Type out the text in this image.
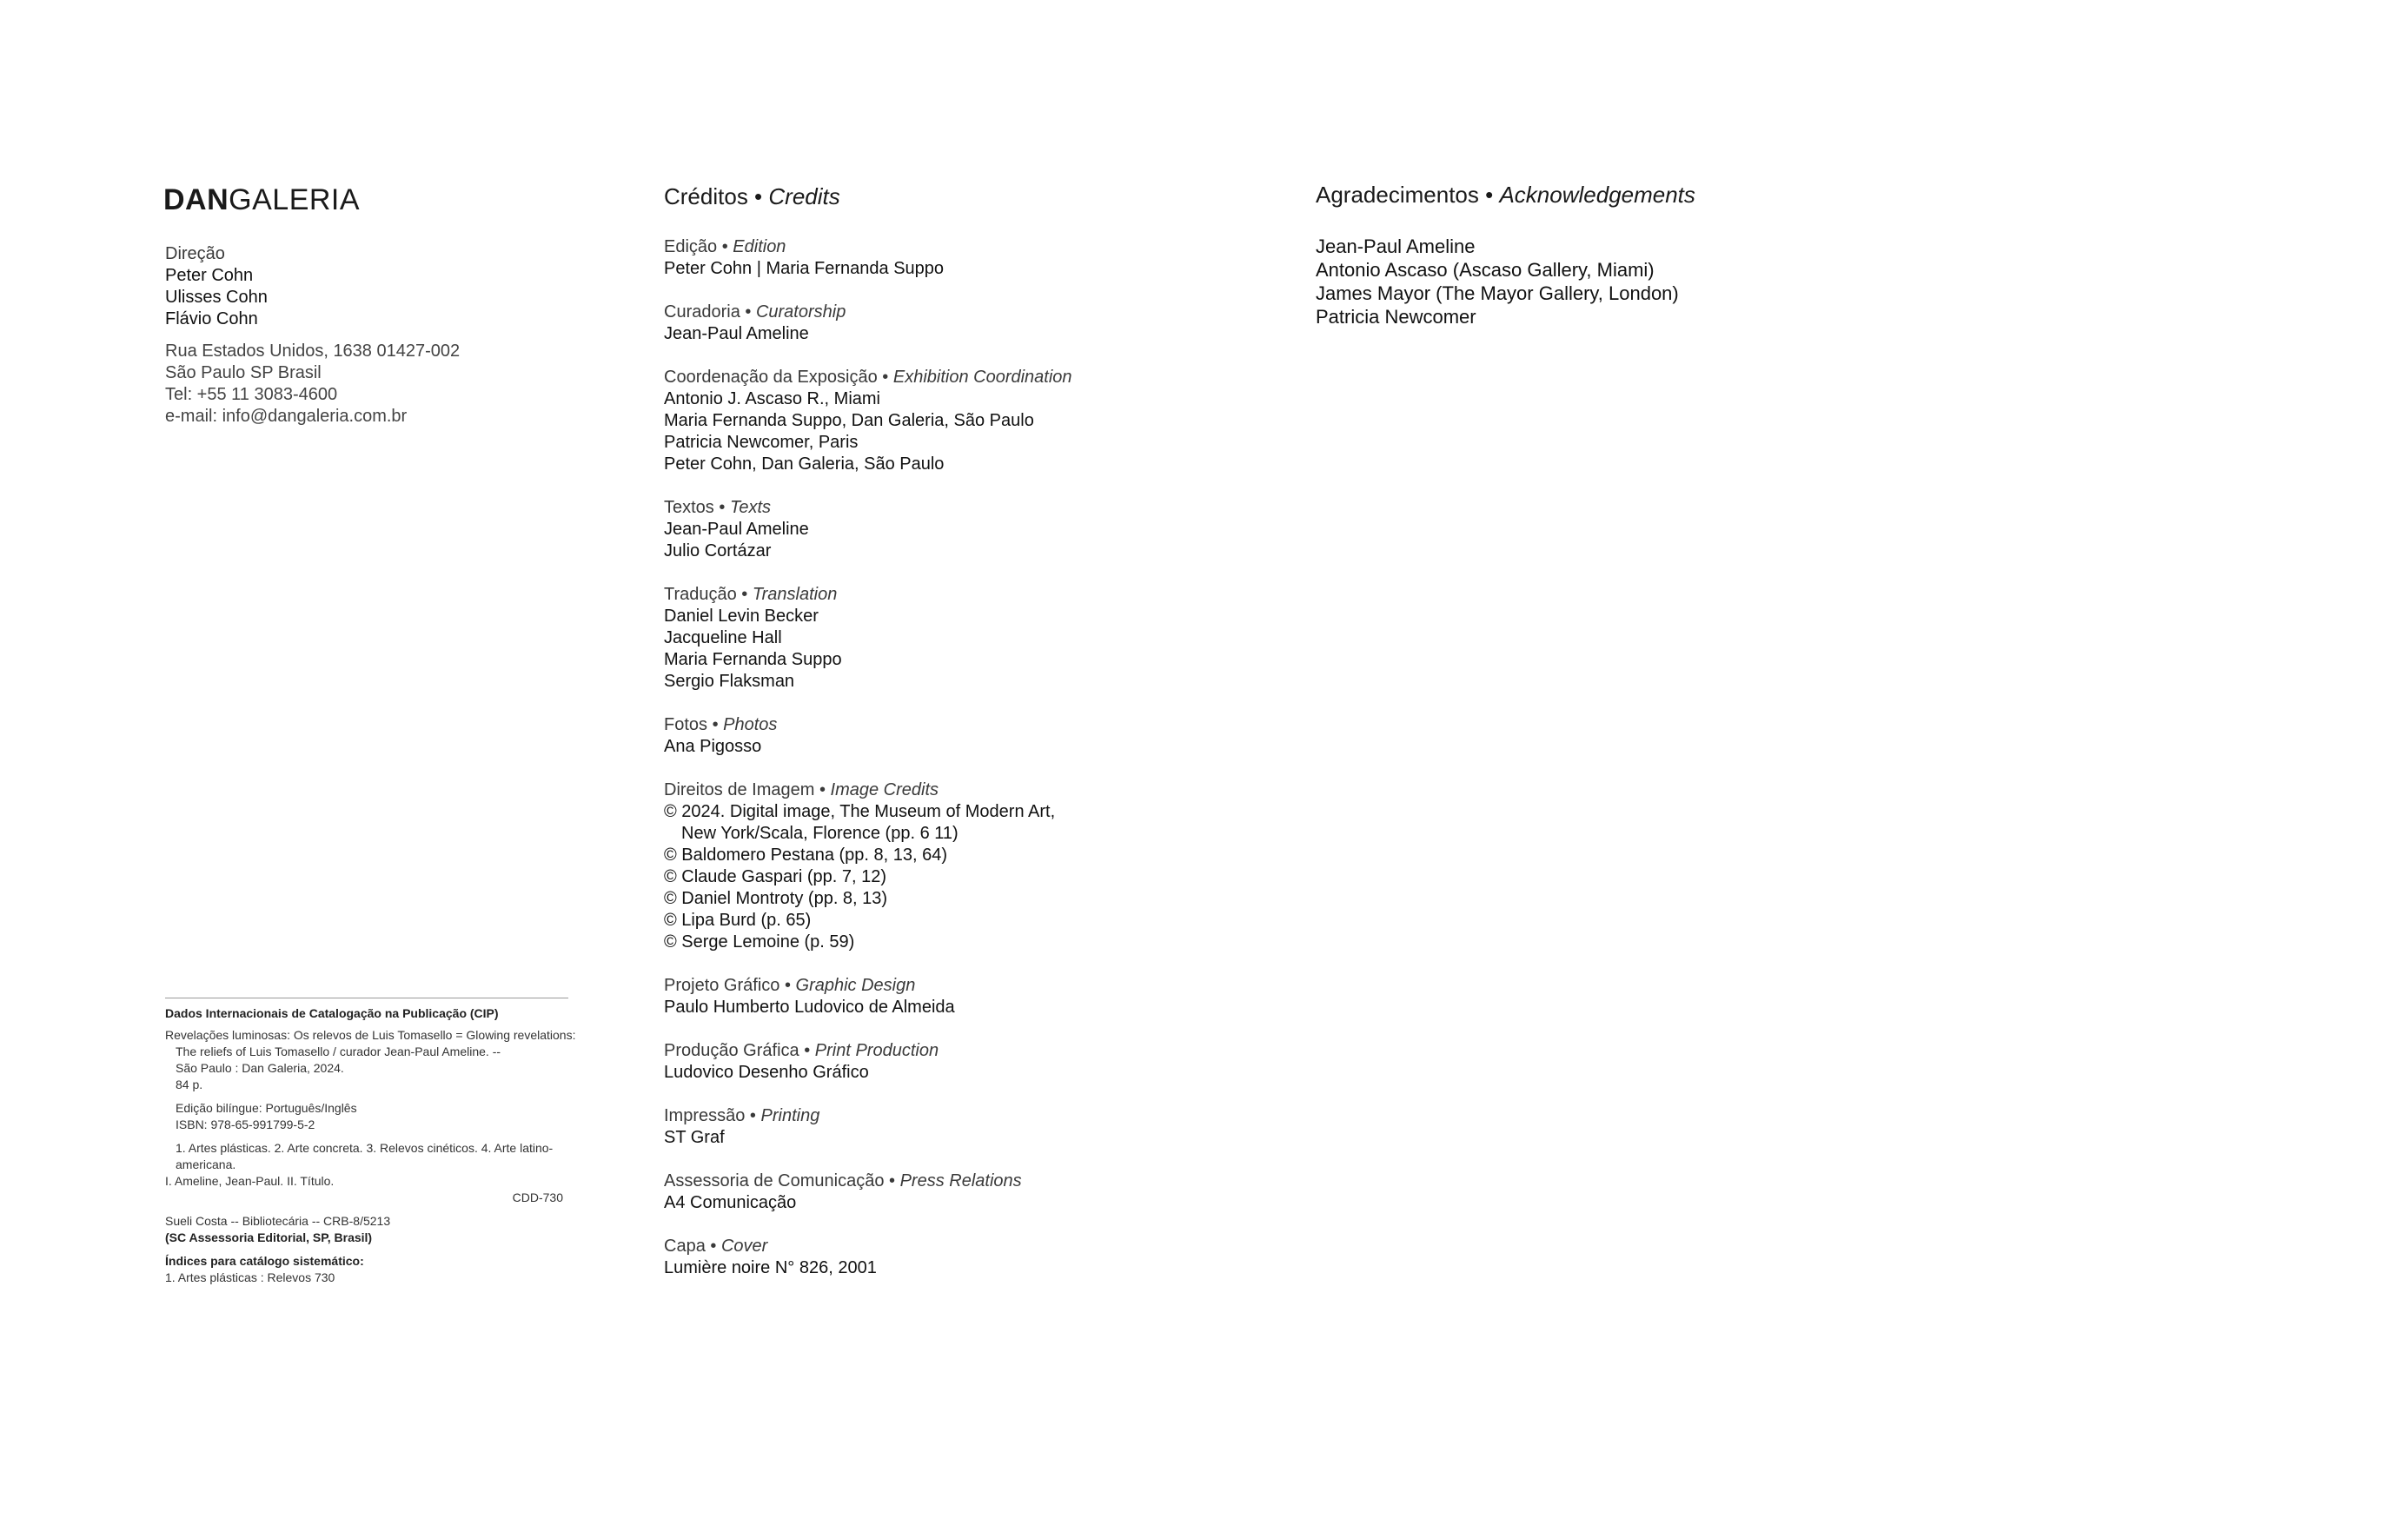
DANGALERIA
Direção
Peter Cohn
Ulisses Cohn
Flávio Cohn
Rua Estados Unidos, 1638 01427-002
São Paulo SP Brasil
Tel: +55 11 3083-4600
e-mail: info@dangaleria.com.br
Dados Internacionais de Catalogação na Publicação (CIP)
Revelações luminosas: Os relevos de Luis Tomasello = Glowing revelations:
The reliefs of Luis Tomasello / curador Jean-Paul Ameline. --
São Paulo : Dan Galeria, 2024.
84 p.
Edição bilíngue: Português/Inglês
ISBN: 978-65-991799-5-2
1. Artes plásticas. 2. Arte concreta. 3. Relevos cinéticos. 4. Arte latino-
americana.
I. Ameline, Jean-Paul. II. Título.
CDD-730
Sueli Costa -- Bibliotecária -- CRB-8/5213
(SC Assessoria Editorial, SP, Brasil)
Índices para catálogo sistemático:
1. Artes plásticas : Relevos 730
Créditos • Credits
Edição • Edition
Peter Cohn | Maria Fernanda Suppo
Curadoria • Curatorship
Jean-Paul Ameline
Coordenação da Exposição • Exhibition Coordination
Antonio J. Ascaso R., Miami
Maria Fernanda Suppo, Dan Galeria, São Paulo
Patricia Newcomer, Paris
Peter Cohn, Dan Galeria, São Paulo
Textos • Texts
Jean-Paul Ameline
Julio Cortázar
Tradução • Translation
Daniel Levin Becker
Jacqueline Hall
Maria Fernanda Suppo
Sergio Flaksman
Fotos • Photos
Ana Pigosso
Direitos de Imagem • Image Credits
© 2024. Digital image, The Museum of Modern Art,
New York/Scala, Florence (pp. 6 11)
© Baldomero Pestana (pp. 8, 13, 64)
© Claude Gaspari (pp. 7, 12)
© Daniel Montroty (pp. 8, 13)
© Lipa Burd (p. 65)
© Serge Lemoine (p. 59)
Projeto Gráfico • Graphic Design
Paulo Humberto Ludovico de Almeida
Produção Gráfica • Print Production
Ludovico Desenho Gráfico
Impressão • Printing
ST Graf
Assessoria de Comunicação • Press Relations
A4 Comunicação
Capa • Cover
Lumière noire N° 826, 2001
Agradecimentos • Acknowledgements
Jean-Paul Ameline
Antonio Ascaso (Ascaso Gallery, Miami)
James Mayor (The Mayor Gallery, London)
Patricia Newcomer
